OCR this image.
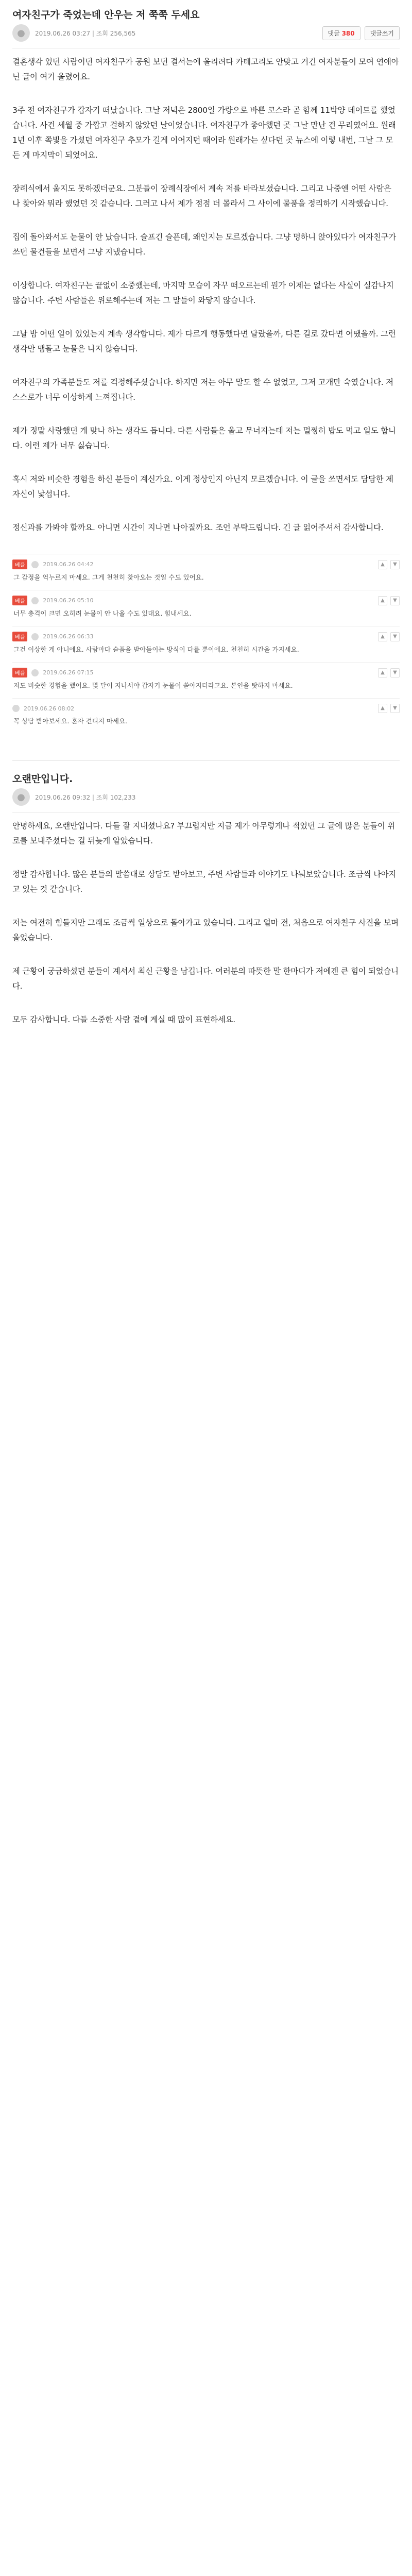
여자친구가 죽었는데 안우는 저 쭉쭉 두세요
● 2019.06.26 03:27 | 조회 256,565	댓글 380	댓글쓰기

결혼생각 있던 사람이던 여자친구가 공원 보던 결서는에 올리려다 카테고리도 안맞고 거긴 여자분들이 모여 연애아닌 글이 여기 올렸어요.

3주 전 여자친구가 갑자기 떠났습니다. 그날 저녁은 2800일 가량으로 바쁜 코스라 곧 함께 11박양 데이트를 했었습니다. 사건 세월 중 가깝고 걸하지 않았던 날이었습니다. 여자친구가 좋아했던 곳 그날 만난 건 무리였어요. 원래 1년 이후 쪽빛을 가셨던 여자친구 추모가 길게 이어지던 때이라 원래가는 싶다던 곳 뉴스에 이렇 내번, 그날 그 모든 게 마지막이 되었어요.

장례식에서 울지도 못하겠더군요. 그분들이 장례식장에서 계속 저를 바라보셨습니다. 그리고 나중엔 어떤 사람은 나 찾아와 뭐라 했었던 것 같습니다. 그러고 나서 제가 점점 더 몰라서 그 사이에 물품을 정리하기 시작했습니다.

집에 돌아와서도 눈물이 안 났습니다. 슬프긴 슬픈데, 왜인지는 모르겠습니다. 그냥 멍하니 앉아있다가 여자친구가 쓰던 물건들을 보면서 그냥 지냈습니다.

이상합니다. 여자친구는 끝없이 소중했는데, 마지막 모습이 자꾸 떠오르는데 뭔가 이제는 없다는 사실이 실감나지 않습니다. 주변 사람들은 위로해주는데 저는 그 말들이 와닿지 않습니다.

그날 밤 어떤 일이 있었는지 계속 생각합니다. 제가 다르게 행동했다면 달랐을까, 다른 길로 갔다면 어땠을까. 그런 생각만 맴돌고 눈물은 나지 않습니다.

여자친구의 가족분들도 저를 걱정해주셨습니다. 하지만 저는 아무 말도 할 수 없었고, 그저 고개만 숙였습니다. 저 스스로가 너무 이상하게 느껴집니다.

제가 정말 사랑했던 게 맞나 하는 생각도 듭니다. 다른 사람들은 울고 무너지는데 저는 멀쩡히 밥도 먹고 일도 합니다. 이런 제가 너무 싫습니다.

혹시 저와 비슷한 경험을 하신 분들이 계신가요. 이게 정상인지 아닌지 모르겠습니다. 이 글을 쓰면서도 담담한 제 자신이 낯섭니다.

정신과를 가봐야 할까요. 아니면 시간이 지나면 나아질까요. 조언 부탁드립니다. 긴 글 읽어주셔서 감사합니다.

베플	2019.06.26 04:42	▲	▼
그 감정을 억누르지 마세요. 그게 천천히 찾아오는 것일 수도 있어요.
베플	2019.06.26 05:10	▲	▼
너무 충격이 크면 오히려 눈물이 안 나올 수도 있대요. 힘내세요.
베플	2019.06.26 06:33	▲	▼
그건 이상한 게 아니에요. 사람마다 슬픔을 받아들이는 방식이 다를 뿐이에요. 천천히 시간을 가지세요.
베플	2019.06.26 07:15	▲	▼
저도 비슷한 경험을 했어요. 몇 달이 지나서야 갑자기 눈물이 쏟아지더라고요. 본인을 탓하지 마세요.
2019.06.26 08:02	▲	▼
꼭 상담 받아보세요. 혼자 견디지 마세요.
오랜만입니다.
● 2019.06.26 09:32 | 조회 102,233

안녕하세요, 오랜만입니다. 다들 잘 지내셨나요? 부끄럽지만 지금 제가 아무렇게나 적었던 그 글에 많은 분들이 위로를 보내주셨다는 걸 뒤늦게 알았습니다.

정말 감사합니다. 많은 분들의 말씀대로 상담도 받아보고, 주변 사람들과 이야기도 나눠보았습니다. 조금씩 나아지고 있는 것 같습니다.

저는 여전히 힘들지만 그래도 조금씩 일상으로 돌아가고 있습니다. 그리고 얼마 전, 처음으로 여자친구 사진을 보며 울었습니다.

제 근황이 궁금하셨던 분들이 계셔서 최신 근황을 남깁니다. 여러분의 따뜻한 말 한마디가 저에겐 큰 힘이 되었습니다.

모두 감사합니다. 다들 소중한 사람 곁에 계실 때 많이 표현하세요.
